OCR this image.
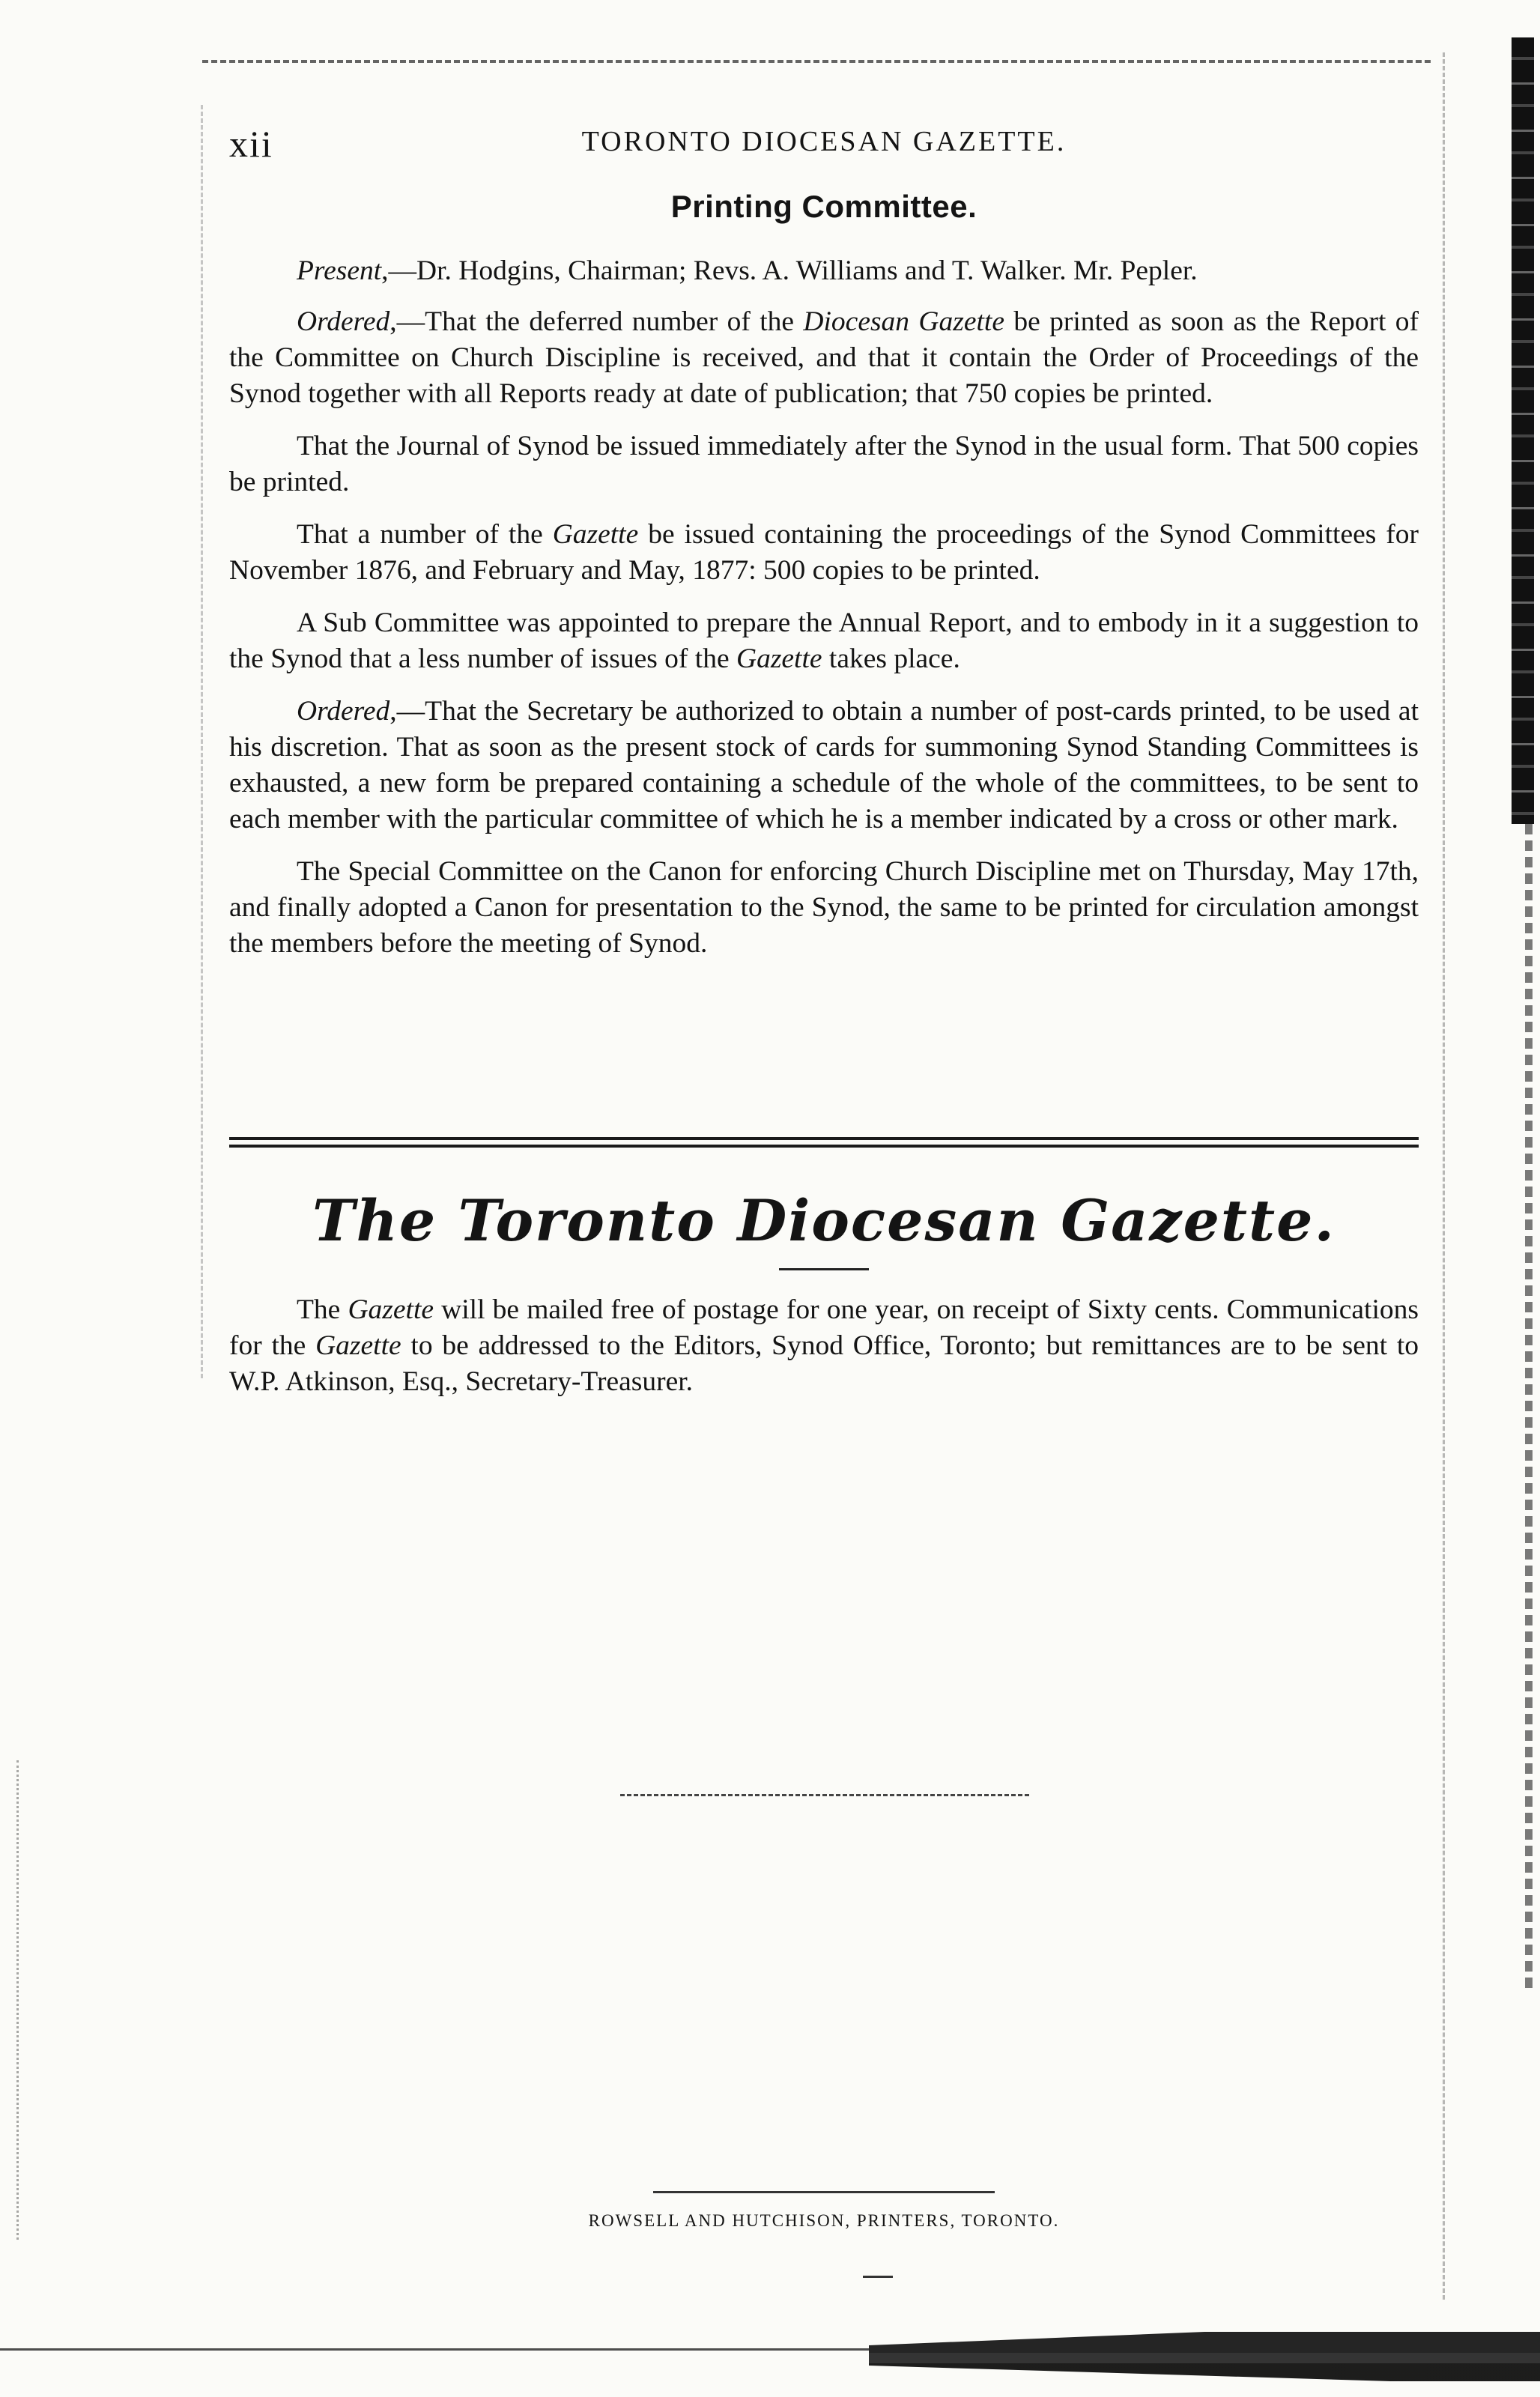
xii	TORONTO DIOCESAN GAZETTE.
Printing Committee.

Present,—Dr. Hodgins, Chairman; Revs. A. Williams and T. Walker. Mr. Pepler.

Ordered,—That the deferred number of the Diocesan Gazette be printed as soon as the Report of the Committee on Church Discipline is received, and that it contain the Order of Proceedings of the Synod together with all Reports ready at date of publication; that 750 copies be printed.

That the Journal of Synod be issued immediately after the Synod in the usual form. That 500 copies be printed.

That a number of the Gazette be issued containing the proceedings of the Synod Committees for November 1876, and February and May, 1877: 500 copies to be printed.

A Sub Committee was appointed to prepare the Annual Report, and to embody in it a suggestion to the Synod that a less number of issues of the Gazette takes place.

Ordered,—That the Secretary be authorized to obtain a number of post-cards printed, to be used at his discretion. That as soon as the present stock of cards for summoning Synod Standing Committees is exhausted, a new form be prepared containing a schedule of the whole of the committees, to be sent to each member with the particular committee of which he is a member indicated by a cross or other mark.

The Special Committee on the Canon for enforcing Church Discipline met on Thursday, May 17th, and finally adopted a Canon for presentation to the Synod, the same to be printed for circulation amongst the members before the meeting of Synod.

The Toronto Diocesan Gazette.

The Gazette will be mailed free of postage for one year, on receipt of Sixty cents. Communications for the Gazette to be addressed to the Editors, Synod Office, Toronto; but remittances are to be sent to W.P. Atkinson, Esq., Secretary-Treasurer.

ROWSELL AND HUTCHISON, PRINTERS, TORONTO.
